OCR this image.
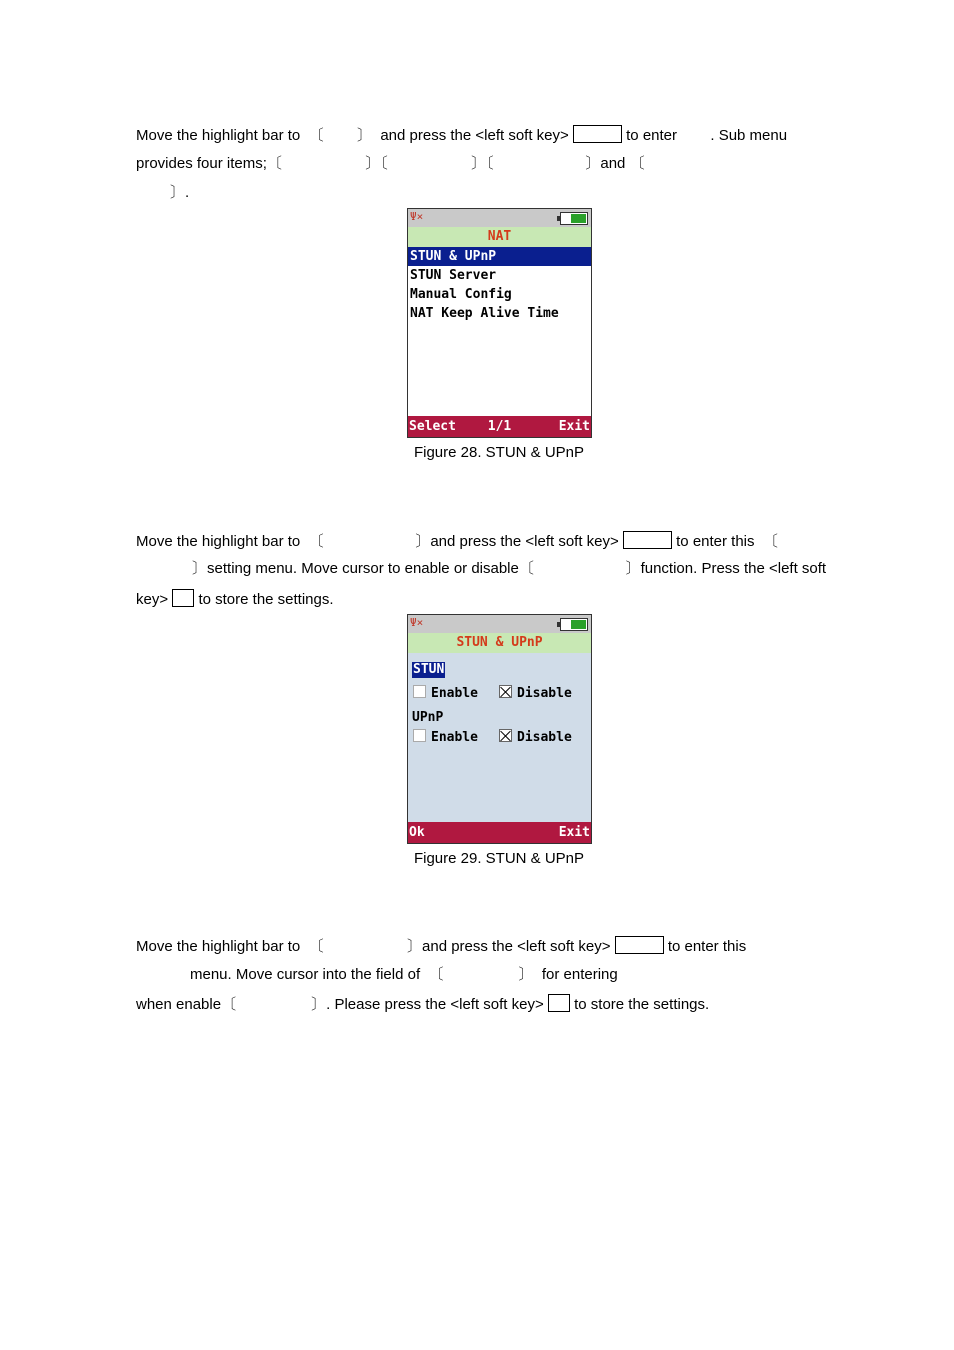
Move the highlight bar to 〔 〕 and press the <left soft key>	to enter . Sub menu
provides four items;〔	〕〔	〕〔	〕and 〔
〕.
Ψ×
NAT
STUN & UPnP
STUN Server
Manual Config
NAT Keep Alive Time
1/1
Select	Exit
Figure 28. STUN & UPnP
Move the highlight bar to 〔	〕and press the <left soft key>	to enter this 〔
〕setting menu. Move cursor to enable or disable〔	〕function. Press the <left soft
key> to store the settings.
Ψ×
STUN & UPnP
STUN
Enable	Disable
UPnP
Enable	Disable
Ok	Exit
Figure 29. STUN & UPnP
Move the highlight bar to 〔	〕and press the <left soft key>	to enter this
menu. Move cursor into the field of 〔	〕 for entering
when enable〔	〕. Please press the <left soft key> to store the settings.
